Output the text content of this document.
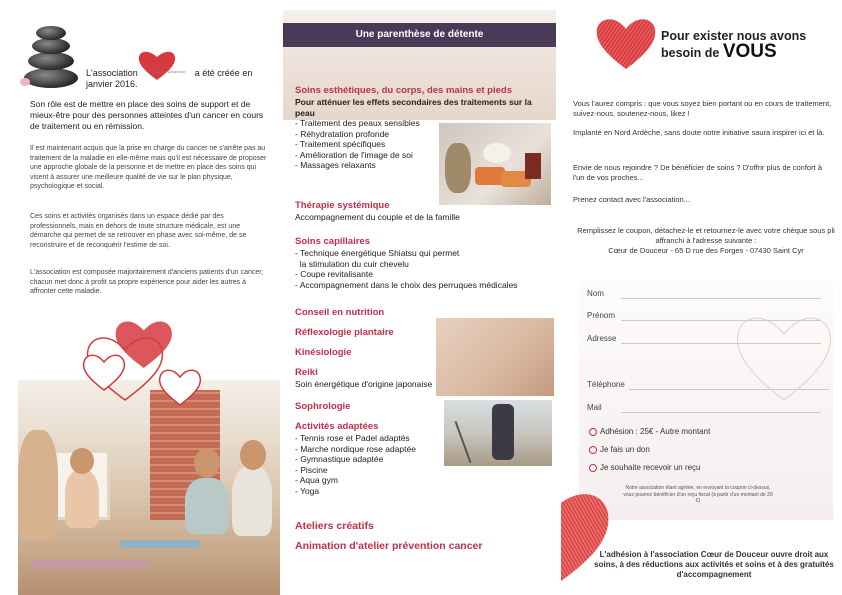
L'association	a été créée en janvier 2016.
Cœur de Douceur

Son rôle est de mettre en place des soins de support et de mieux-être pour des personnes atteintes d'un cancer en cours de traitement ou en rémission.

Il est maintenant acquis que la prise en charge du cancer ne s'arrête pas au traitement de la maladie en elle-même mais qu'il est nécessaire de proposer une approche globale de la personne et de mettre en place des soins qui visent à assurer une meilleure qualité de vie sur le plan physique, psychologique et social.

Ces soins et activités organisés dans un espace dédié par des professionnels, mais en dehors de toute structure médicale, est une démarche qui permet de se retrouver en phase avec soi-même, de se reconstruire et de reconquérir l'estime de soi.

L'association est composée majoritairement d'anciens patients d'un cancer, chacun met donc à profit sa propre expérience pour aider les autres à affronter cette maladie.

Une parenthèse de détente
Soins esthétiques, du corps, des mains et pieds
Pour atténuer les effets secondaires des traitements sur la peau
- Traitement des peaux sensibles
- Réhydratation profonde
- Traitement spécifiques
- Amélioration de l'image de soi
- Massages relaxants
Thérapie systémique
Accompagnement du couple et de la famille
Soins capillaires
- Technique énergétique Shiatsu qui permet
la stimulation du cuir chevelu
- Coupe revitalisante
- Accompagnement dans le choix des perruques médicales
Conseil en nutrition
Réflexologie plantaire
Kinésiologie
Reiki
Soin énergétique d'origine japonaise
Sophrologie
Activités adaptées
- Tennis rose et Padel adaptés
- Marche nordique rose adaptée
- Gymnastique adaptée
- Piscine
- Aqua gym
- Yoga
Ateliers créatifs
Animation d'atelier prévention cancer
Pour exister nous avons
besoin de VOUS

Vous l'aurez compris : que vous soyez bien portant ou en cours de traitement, suivez-nous, soutenez-nous, likez !

Implanté en Nord Ardèche, sans doute notre initiative saura inspirer ici et là.

Envie de nous rejoindre ? De bénéficier de soins ? D'offrir plus de confort à l'un de vos proches...

Prenez contact avec l'association...

Remplissez le coupon, détachez-le et retournez-le avec votre chèque sous pli affranchi à l'adresse suivante :
Cœur de Douceur - 65 D rue des Forges - 07430 Saint Cyr
Nom
Prénom
Adresse
Téléphone
Mail
Adhésion : 25€ - Autre montant
Je fais un don
Je souhaite recevoir un reçu
Notre association étant agréée, en envoyant la coupon ci-dessus, vous pourrez bénéficier d'un reçu fiscal (à partir d'un montant de 20 €)
L'adhésion à l'association Cœur de Douceur ouvre droit aux soins, à des réductions aux activités et soins et à des gratuités d'accompagnement
